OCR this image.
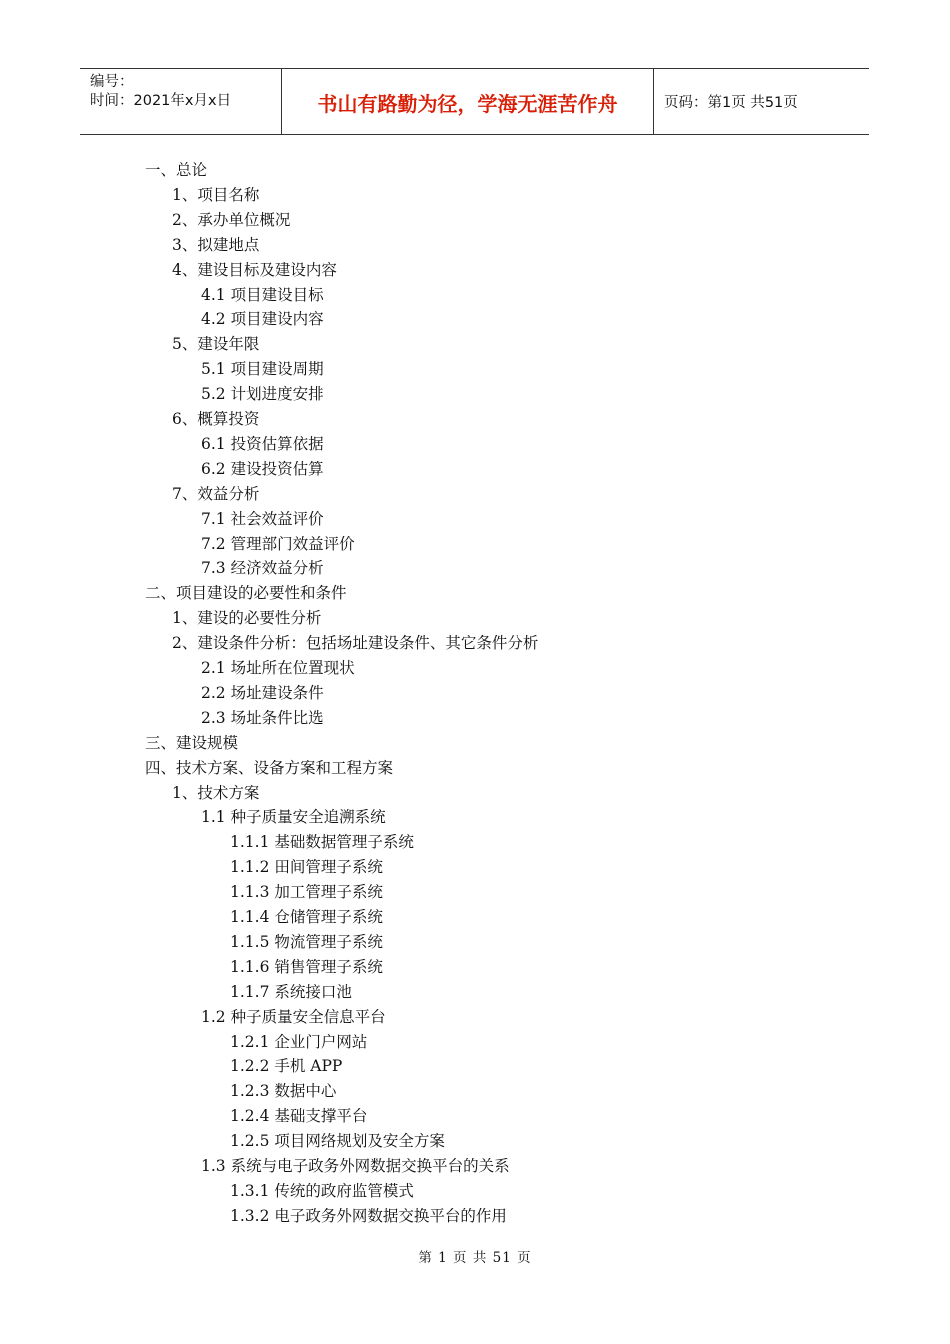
编号：
时间：2021年x月x日	书山有路勤为径，学海无涯苦作舟	页码：第1页 共51页
一、总论
1、项目名称
2、承办单位概况
3、拟建地点
4、建设目标及建设内容
4.1 项目建设目标
4.2 项目建设内容
5、建设年限
5.1 项目建设周期
5.2 计划进度安排
6、概算投资
6.1 投资估算依据
6.2 建设投资估算
7、效益分析
7.1 社会效益评价
7.2 管理部门效益评价
7.3 经济效益分析
二、项目建设的必要性和条件
1、建设的必要性分析
2、建设条件分析：包括场址建设条件、其它条件分析
2.1 场址所在位置现状
2.2 场址建设条件
2.3 场址条件比选
三、建设规模
四、技术方案、设备方案和工程方案
1、技术方案
1.1 种子质量安全追溯系统
1.1.1 基础数据管理子系统
1.1.2 田间管理子系统
1.1.3 加工管理子系统
1.1.4 仓储管理子系统
1.1.5 物流管理子系统
1.1.6 销售管理子系统
1.1.7 系统接口池
1.2 种子质量安全信息平台
1.2.1 企业门户网站
1.2.2 手机 APP
1.2.3 数据中心
1.2.4 基础支撑平台
1.2.5 项目网络规划及安全方案
1.3 系统与电子政务外网数据交换平台的关系
1.3.1 传统的政府监管模式
1.3.2 电子政务外网数据交换平台的作用
第 1 页 共 51 页
